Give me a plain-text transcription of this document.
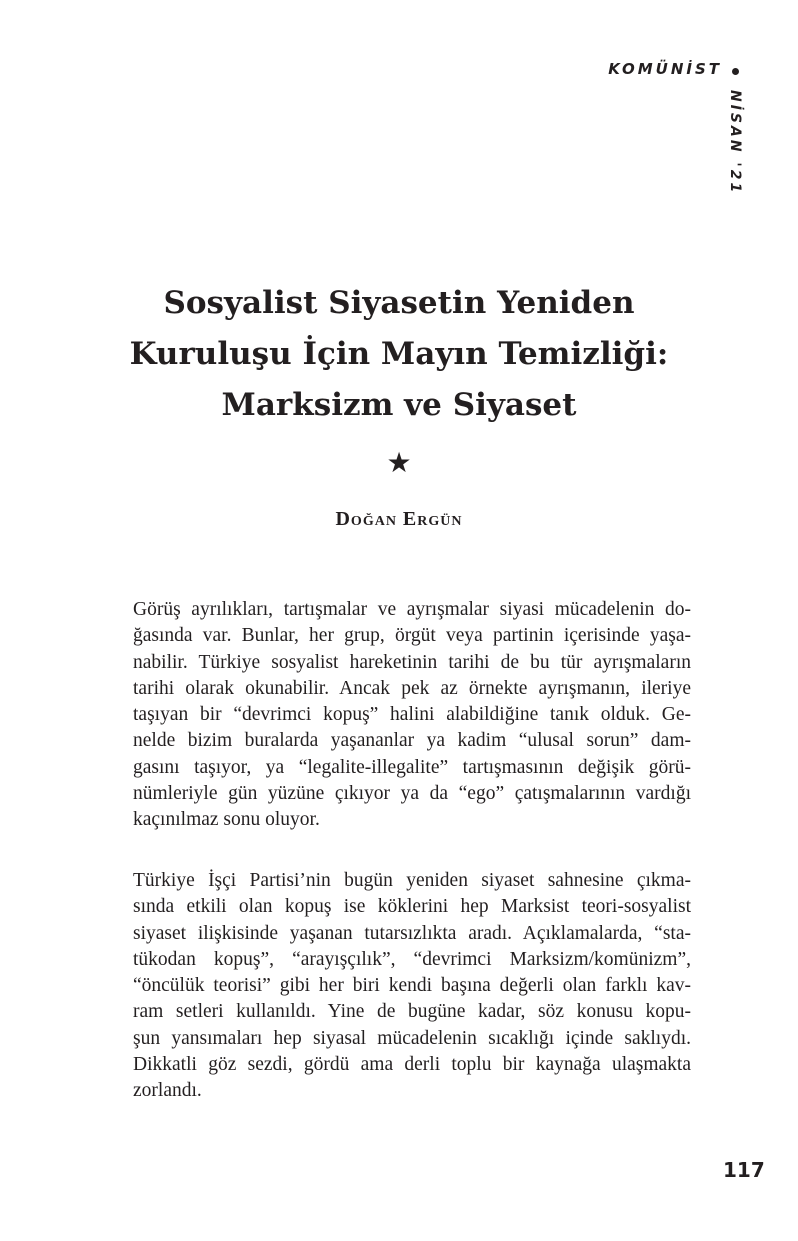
KOMÜNİST
NİSAN '21
Sosyalist Siyasetin Yeniden
Kuruluşu İçin Mayın Temizliği:
Marksizm ve Siyaset
★
Doğan Ergün
Görüş ayrılıkları, tartışmalar ve ayrışmalar siyasi mücadelenin do-
ğasında var. Bunlar, her grup, örgüt veya partinin içerisinde yaşa-
nabilir. Türkiye sosyalist hareketinin tarihi de bu tür ayrışmaların
tarihi olarak okunabilir. Ancak pek az örnekte ayrışmanın, ileriye
taşıyan bir “devrimci kopuş” halini alabildiğine tanık olduk. Ge-
nelde bizim buralarda yaşananlar ya kadim “ulusal sorun” dam-
gasını taşıyor, ya “legalite-illegalite” tartışmasının değişik görü-
nümleriyle gün yüzüne çıkıyor ya da “ego” çatışmalarının vardığı
kaçınılmaz sonu oluyor.
Türkiye İşçi Partisi’nin bugün yeniden siyaset sahnesine çıkma-
sında etkili olan kopuş ise köklerini hep Marksist teori-sosyalist
siyaset ilişkisinde yaşanan tutarsızlıkta aradı. Açıklamalarda, “sta-
tükodan kopuş”, “arayışçılık”, “devrimci Marksizm/komünizm”,
“öncülük teorisi” gibi her biri kendi başına değerli olan farklı kav-
ram setleri kullanıldı. Yine de bugüne kadar, söz konusu kopu-
şun yansımaları hep siyasal mücadelenin sıcaklığı içinde saklıydı.
Dikkatli göz sezdi, gördü ama derli toplu bir kaynağa ulaşmakta
zorlandı.
117
